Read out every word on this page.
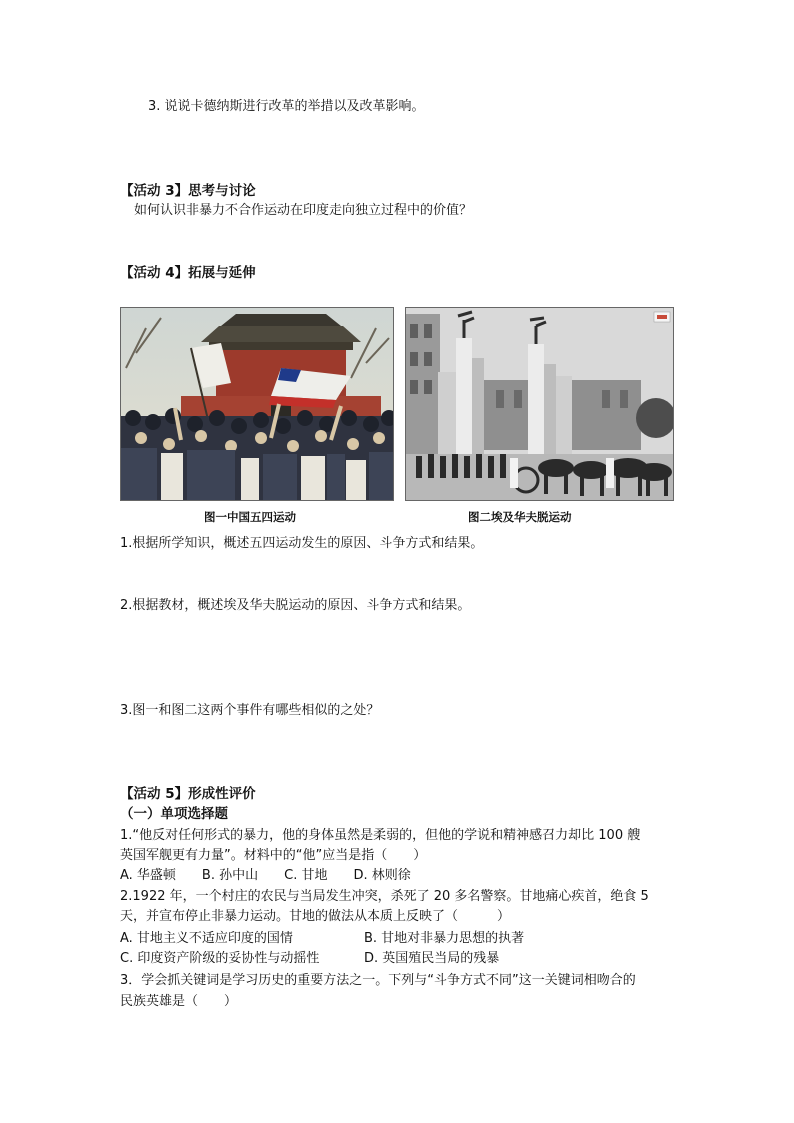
3. 说说卡德纳斯进行改革的举措以及改革影响。
【活动 3】思考与讨论
如何认识非暴力不合作运动在印度走向独立过程中的价值？
【活动 4】拓展与延伸
图一中国五四运动	图二埃及华夫脱运动
1.根据所学知识，概述五四运动发生的原因、斗争方式和结果。
2.根据教材，概述埃及华夫脱运动的原因、斗争方式和结果。
3.图一和图二这两个事件有哪些相似的之处？
【活动 5】形成性评价
（一）单项选择题
1.“他反对任何形式的暴力，他的身体虽然是柔弱的，但他的学说和精神感召力却比 100 艘
英国军舰更有力量”。材料中的“他”应当是指（　　）
A. 华盛顿　　B. 孙中山　　C. 甘地　　D. 林则徐
2.1922 年，一个村庄的农民与当局发生冲突，杀死了 20 多名警察。甘地痛心疾首，绝食 5
天，并宣布停止非暴力运动。甘地的做法从本质上反映了（　　　）
A. 甘地主义不适应印度的国情	B. 甘地对非暴力思想的执著
C. 印度资产阶级的妥协性与动摇性	D. 英国殖民当局的残暴
3．学会抓关键词是学习历史的重要方法之一。下列与“斗争方式不同”这一关键词相吻合的
民族英雄是（　　）
